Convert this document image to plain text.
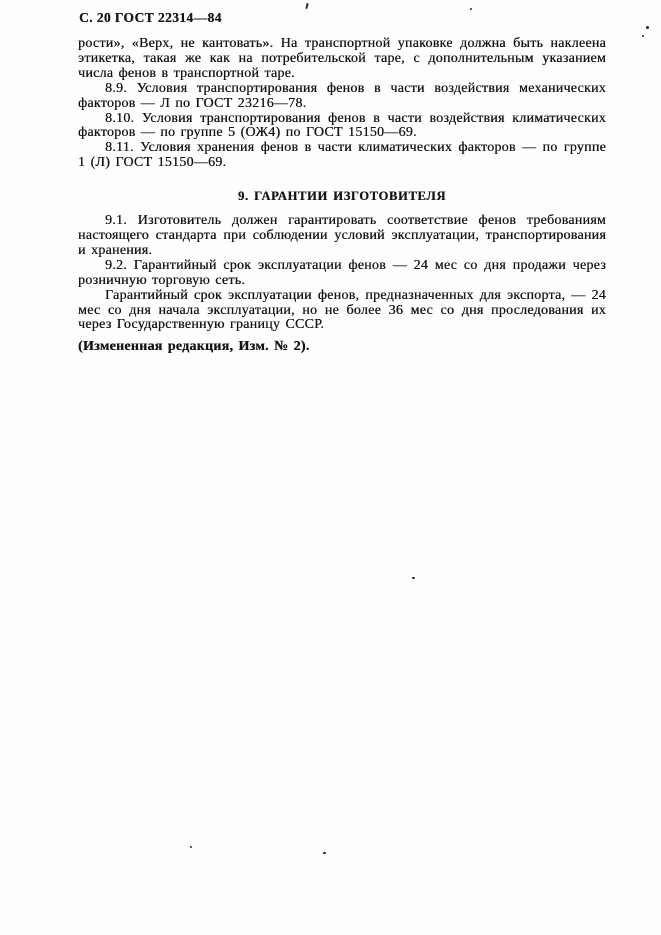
С. 20 ГОСТ 22314—84

рости», «Верх, не кантовать». На транспортной упаковке должна быть наклеена этикетка, такая же как на потребительской таре, с дополнительным указанием числа фенов в транспортной таре.

8.9. Условия транспортирования фенов в части воздействия механических факторов — Л по ГОСТ 23216—78.

8.10. Условия транспортирования фенов в части воздействия климатических факторов — по группе 5 (ОЖ4) по ГОСТ 15150—69.

8.11. Условия хранения фенов в части климатических факторов — по группе 1 (Л) ГОСТ 15150—69.

9. ГАРАНТИИ ИЗГОТОВИТЕЛЯ

9.1. Изготовитель должен гарантировать соответствие фенов требованиям настоящего стандарта при соблюдении условий эксплуатации, транспортирования и хранения.

9.2. Гарантийный срок эксплуатации фенов — 24 мес со дня продажи через розничную торговую сеть.

Гарантийный срок эксплуатации фенов, предназначенных для экспорта, — 24 мес со дня начала эксплуатации, но не более 36 мес со дня проследования их через Государственную границу СССР.

(Измененная редакция, Изм. № 2).
